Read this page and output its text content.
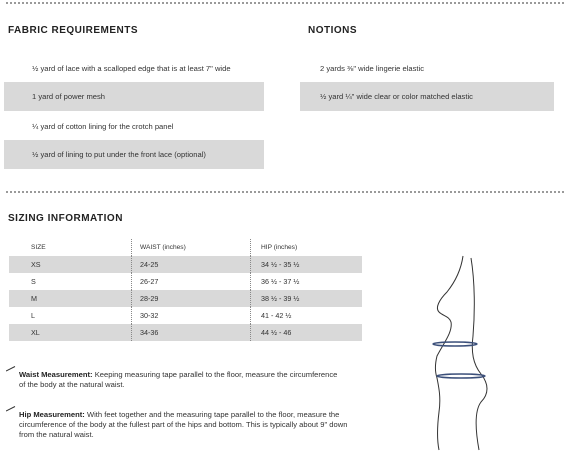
FABRIC REQUIREMENTS
½ yard of lace with a scalloped edge that is at least 7" wide
1 yard of power mesh
¼ yard of cotton lining for the crotch panel
½ yard of lining to put under the front lace (optional)
NOTIONS
2 yards ⅜" wide lingerie elastic
½ yard ¼" wide clear or color matched elastic
SIZING INFORMATION
SIZE	WAIST (inches)	HIP (inches)
XS	24-25	34 ½ - 35 ½
S	26-27	36 ½ - 37 ½
M	28-29	38 ½ - 39 ½
L	30-32	41 - 42 ½
XL	34-36	44 ½ - 46
Waist Measurement: Keeping measuring tape parallel to the floor, measure the circumference of the body at the natural waist.
Hip Measurement: With feet together and the measuring tape parallel to the floor, measure the circumference of the body at the fullest part of the hips and bottom. This is typically about 9" down from the natural waist.
